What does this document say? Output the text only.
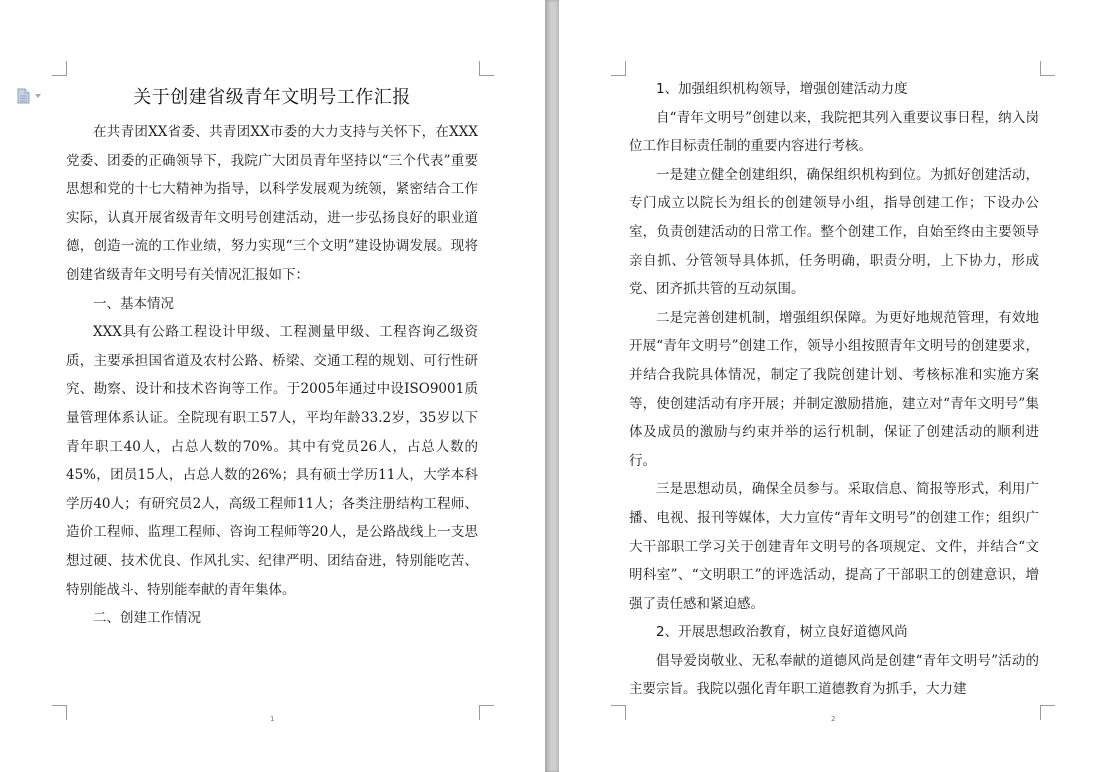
关于创建省级青年文明号工作汇报

在共青团XX省委、共青团XX市委的大力支持与关怀下，在XXX党委、团委的正确领导下，我院广大团员青年坚持以“三个代表”重要思想和党的十七大精神为指导，以科学发展观为统领，紧密结合工作实际，认真开展省级青年文明号创建活动，进一步弘扬良好的职业道德，创造一流的工作业绩，努力实现“三个文明”建设协调发展。现将创建省级青年文明号有关情况汇报如下：

一、基本情况

XXX具有公路工程设计甲级、工程测量甲级、工程咨询乙级资质，主要承担国省道及农村公路、桥梁、交通工程的规划、可行性研究、勘察、设计和技术咨询等工作。于2005年通过中设ISO9001质量管理体系认证。全院现有职工57人，平均年龄33.2岁，35岁以下青年职工40人，占总人数的70%。其中有党员26人，占总人数的45%，团员15人，占总人数的26%；具有硕士学历11人，大学本科学历40人；有研究员2人，高级工程师11人；各类注册结构工程师、造价工程师、监理工程师、咨询工程师等20人，是公路战线上一支思想过硬、技术优良、作风扎实、纪律严明、团结奋进，特别能吃苦、特别能战斗、特别能奉献的青年集体。

二、创建工作情况

1

1、加强组织机构领导，增强创建活动力度

自“青年文明号”创建以来，我院把其列入重要议事日程，纳入岗位工作目标责任制的重要内容进行考核。

一是建立健全创建组织，确保组织机构到位。为抓好创建活动，专门成立以院长为组长的创建领导小组，指导创建工作；下设办公室，负责创建活动的日常工作。整个创建工作，自始至终由主要领导亲自抓、分管领导具体抓，任务明确，职责分明，上下协力，形成党、团齐抓共管的互动氛围。

二是完善创建机制，增强组织保障。为更好地规范管理，有效地开展“青年文明号”创建工作，领导小组按照青年文明号的创建要求，并结合我院具体情况，制定了我院创建计划、考核标准和实施方案等，使创建活动有序开展；并制定激励措施，建立对“青年文明号”集体及成员的激励与约束并举的运行机制，保证了创建活动的顺利进行。

三是思想动员，确保全员参与。采取信息、简报等形式，利用广播、电视、报刊等媒体，大力宣传“青年文明号”的创建工作；组织广大干部职工学习关于创建青年文明号的各项规定、文件，并结合“文明科室”、“文明职工”的评选活动，提高了干部职工的创建意识，增强了责任感和紧迫感。

2、开展思想政治教育，树立良好道德风尚

倡导爱岗敬业、无私奉献的道德风尚是创建“青年文明号”活动的主要宗旨。我院以强化青年职工道德教育为抓手，大力建

2
